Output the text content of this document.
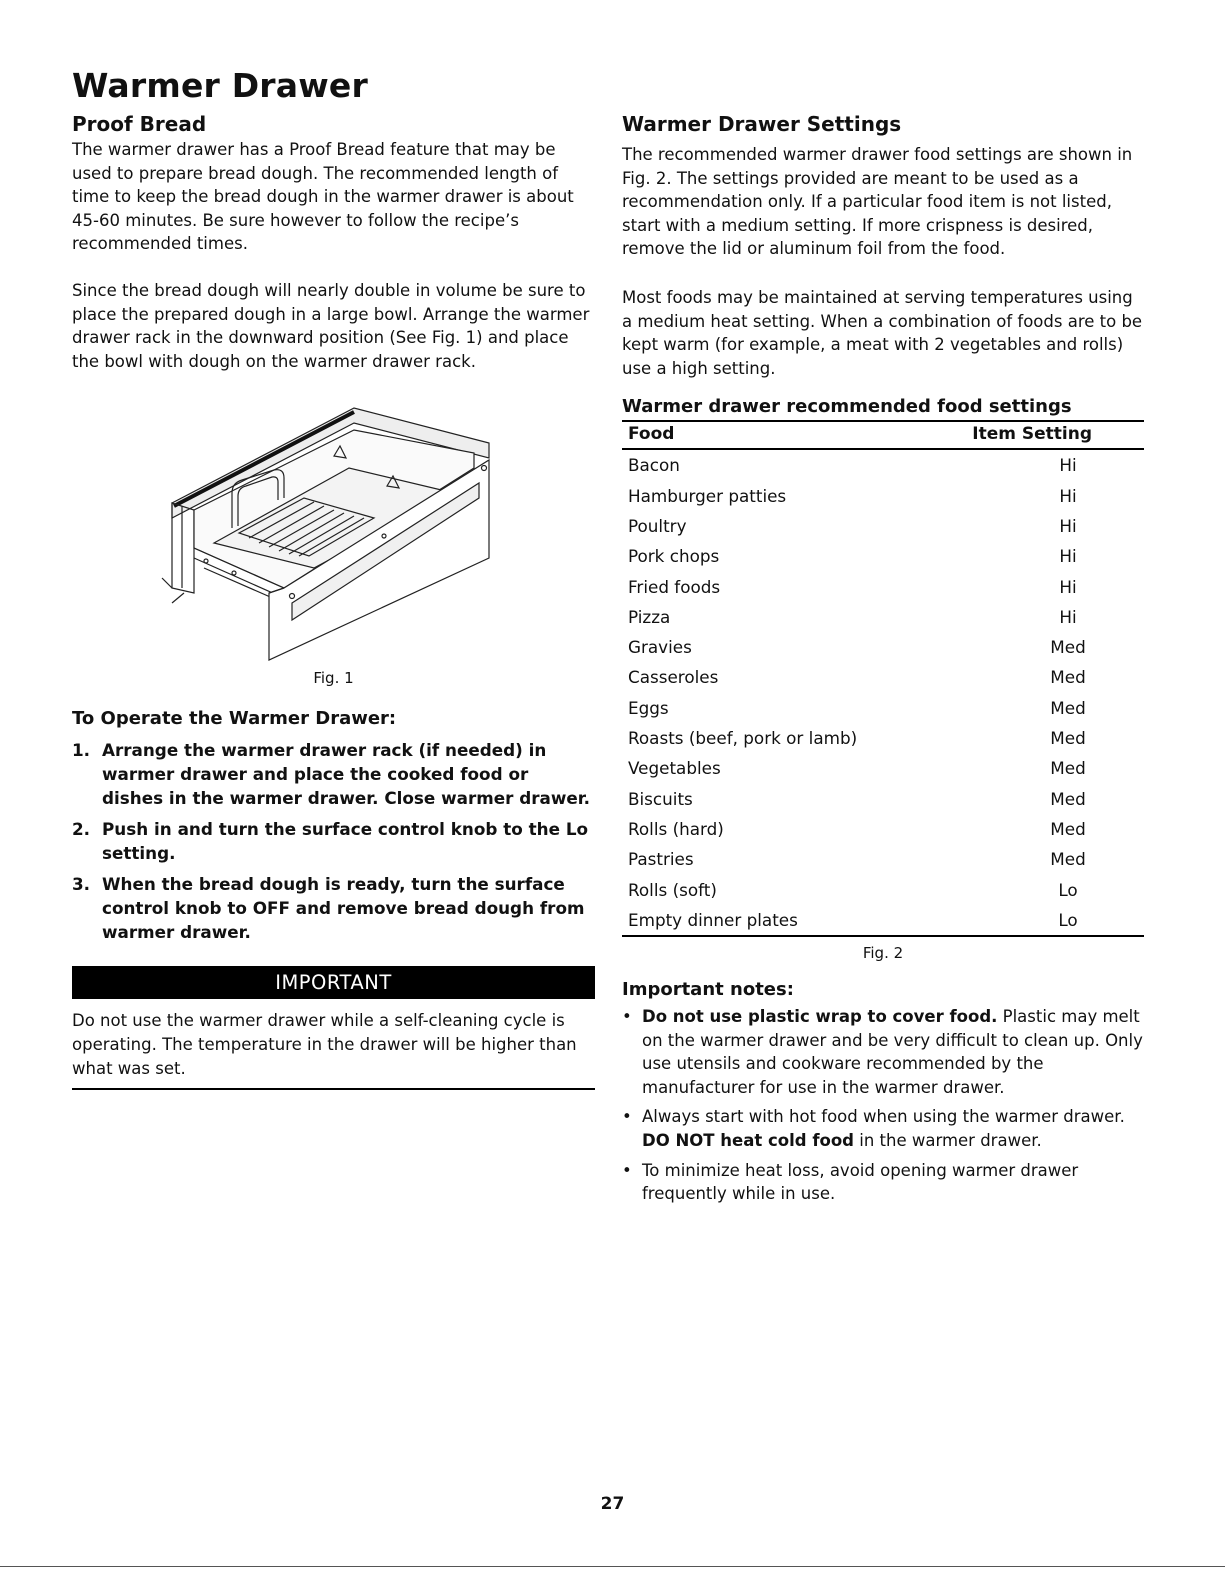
Warmer Drawer
Proof Bread

The warmer drawer has a Proof Bread feature that may be used to prepare bread dough. The recommended length of time to keep the bread dough in the warmer drawer is about 45-60 minutes. Be sure however to follow the recipe’s recommended times.

Since the bread dough will nearly double in volume be sure to place the prepared dough in a large bowl. Arrange the warmer drawer rack in the downward position (See Fig. 1) and place the bowl with dough on the warmer drawer rack.

Fig. 1
To Operate the Warmer Drawer:
1. Arrange the warmer drawer rack (if needed) in warmer drawer and place the cooked food or dishes in the warmer drawer. Close warmer drawer.
2. Push in and turn the surface control knob to the Lo setting.
3. When the bread dough is ready, turn the surface control knob to OFF and remove bread dough from warmer drawer.
IMPORTANT

Do not use the warmer drawer while a self-cleaning cycle is operating. The temperature in the drawer will be higher than what was set.

Warmer Drawer Settings

The recommended warmer drawer food settings are shown in Fig. 2. The settings provided are meant to be used as a recommendation only. If a particular food item is not listed, start with a medium setting. If more crispness is desired, remove the lid or aluminum foil from the food.

Most foods may be maintained at serving temperatures using a medium heat setting. When a combination of foods are to be kept warm (for example, a meat with 2 vegetables and rolls) use a high setting.

Warmer drawer recommended food settings
Food	Item Setting
Bacon	Hi
Hamburger patties	Hi
Poultry	Hi
Pork chops	Hi
Fried foods	Hi
Pizza	Hi
Gravies	Med
Casseroles	Med
Eggs	Med
Roasts (beef, pork or lamb)	Med
Vegetables	Med
Biscuits	Med
Rolls (hard)	Med
Pastries	Med
Rolls (soft)	Lo
Empty dinner plates	Lo
Fig. 2
Important notes:
• Do not use plastic wrap to cover food. Plastic may melt on the warmer drawer and be very difficult to clean up. Only use utensils and cookware recommended by the manufacturer for use in the warmer drawer.
• Always start with hot food when using the warmer drawer. DO NOT heat cold food in the warmer drawer.
• To minimize heat loss, avoid opening warmer drawer frequently while in use.
27
